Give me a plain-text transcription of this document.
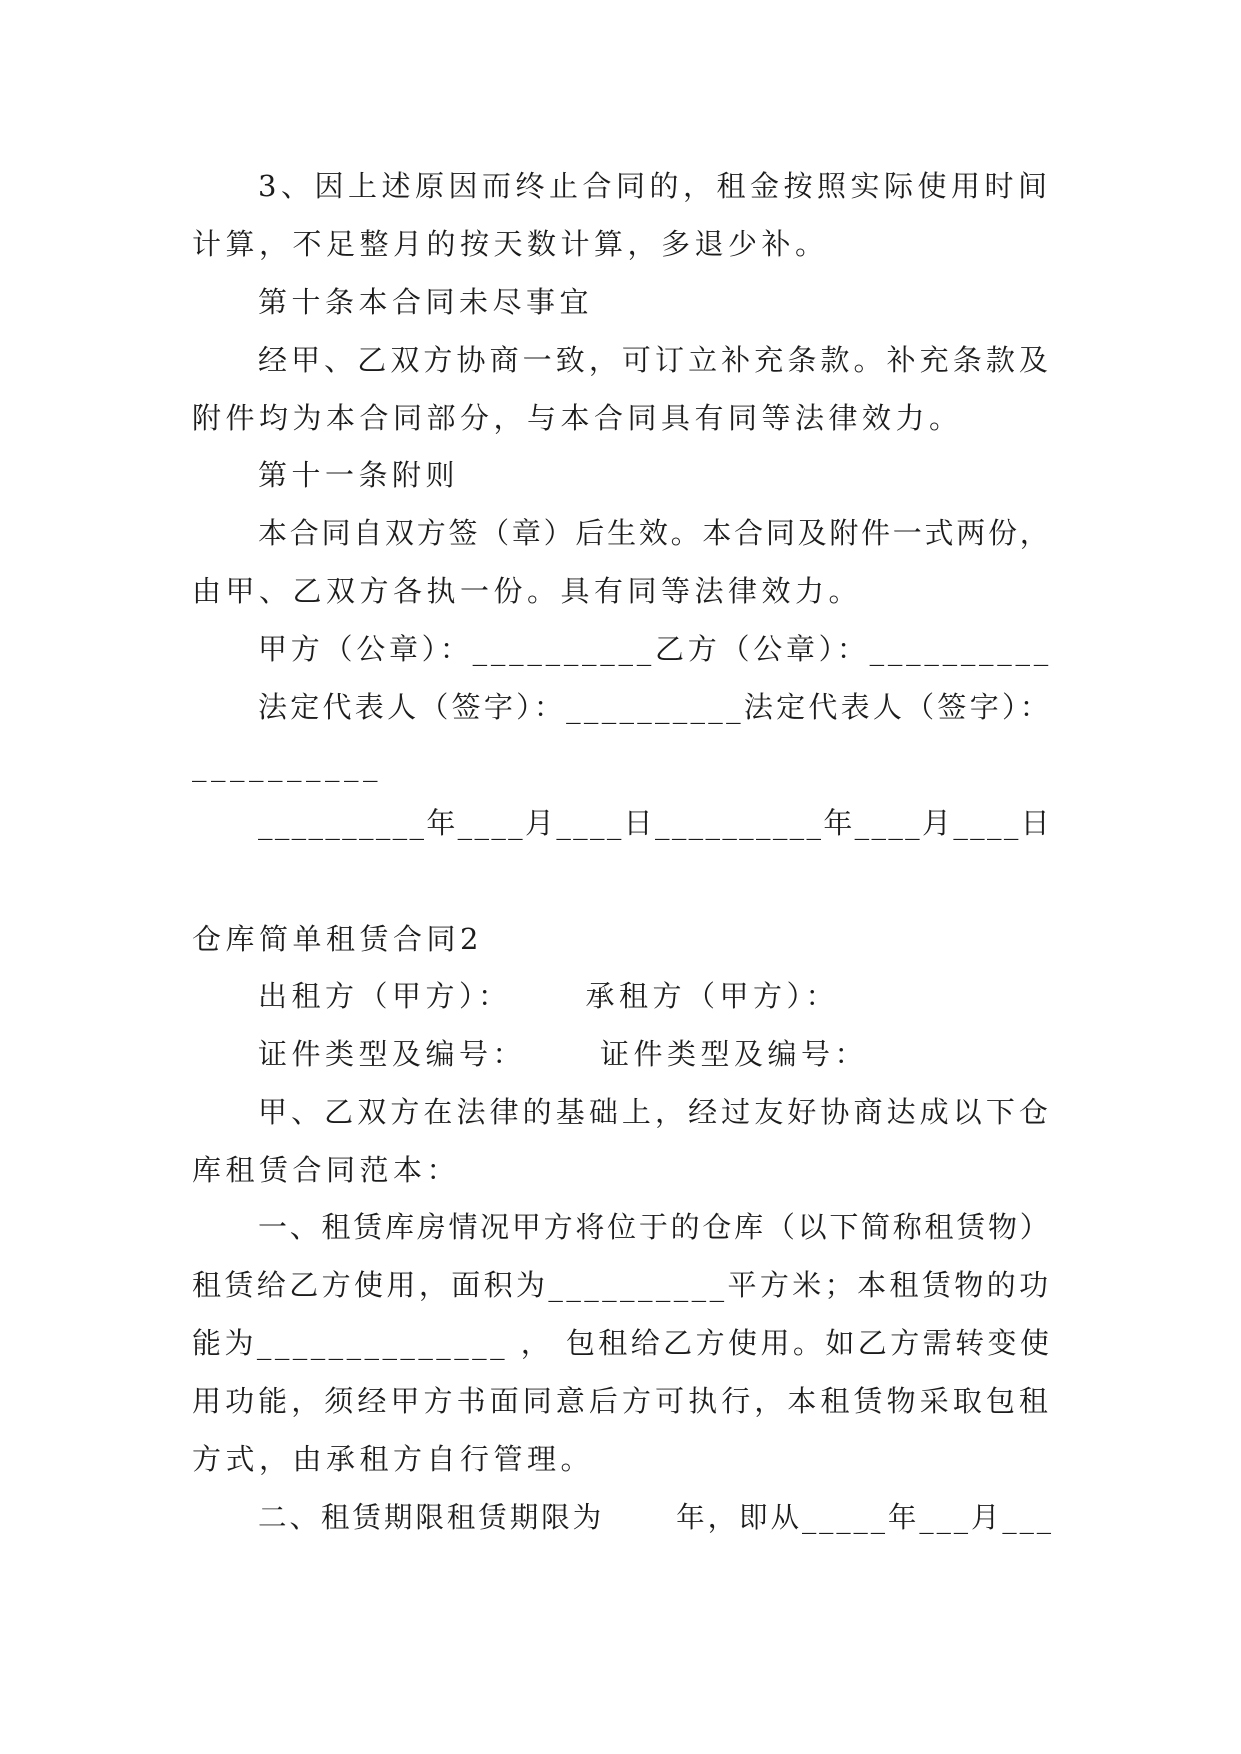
3、因上述原因而终止合同的，租金按照实际使用时间
计算，不足整月的按天数计算，多退少补。
第十条本合同未尽事宜
经甲、乙双方协商一致，可订立补充条款。补充条款及
附件均为本合同部分，与本合同具有同等法律效力。
第十一条附则
本合同自双方签（章）后生效。本合同及附件一式两份，
由甲、乙双方各执一份。具有同等法律效力。
甲方（公章）：__________乙方（公章）：__________
法定代表人（签字）：__________法定代表人（签字）：
__________
__________年____月____日__________年____月____日
仓库简单租赁合同2
出租方（甲方）：	承租方（甲方）：
证件类型及编号：	证件类型及编号：
甲、乙双方在法律的基础上，经过友好协商达成以下仓
库租赁合同范本：
一、租赁库房情况甲方将位于的仓库（以下简称租赁物）
租赁给乙方使用，面积为__________平方米；本租赁物的功
能为______________ ， 包租给乙方使用。如乙方需转变使
用功能，须经甲方书面同意后方可执行，本租赁物采取包租
方式，由承租方自行管理。
二、租赁期限租赁期限为	年，即从_____年___月___
